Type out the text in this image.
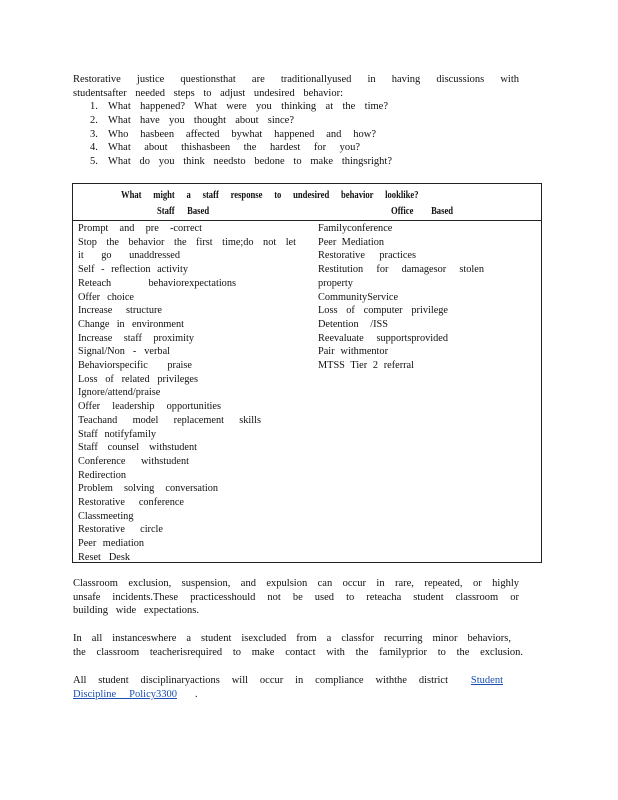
Restorative justice questionsthat are traditionallyused in having discussions with
studentsafter needed steps to adjust undesired behavior:
1. What happened? What were you thinking at the time?
2. What have you thought about since?
3. Who hasbeen affected bywhat happened and how?
4. What about thishasbeen the hardest for you?
5. What do you think needsto bedone to make thingsright?
What might a staff response to undesired behavior looklike?
Staff Based	Office Based
Prompt and pre -correct
Stop the behavior the first time;do not let
it go unaddressed
Self - reflection activity
Reteach behaviorexpectations
Offer choice
Increase structure
Change in environment
Increase staff proximity
Signal/Non - verbal
Behaviorspecific praise
Loss of related privileges
Ignore/attend/praise
Offer leadership opportunities
Teachand model replacement skills
Staff notifyfamily
Staff counsel withstudent
Conference withstudent
Redirection
Problem solving conversation
Restorative conference
Classmeeting
Restorative circle
Peer mediation
Reset Desk
Familyconference
Peer Mediation
Restorative practices
Restitution for damagesor stolen
property
CommunityService
Loss of computer privilege
Detention /ISS
Reevaluate supportsprovided
Pair withmentor
MTSS Tier 2 referral
Classroom exclusion, suspension, and expulsion can occur in rare, repeated, or highly
unsafe incidents.These practicesshould not be used to reteacha student classroom or
building wide expectations.
In all instanceswhere a student isexcluded from a classfor recurring minor behaviors,
the classroom teacherisrequired to make contact with the familyprior to the exclusion.
All student disciplinaryactions will occur in compliance withthe district Student
Discipline Policy3300 .
